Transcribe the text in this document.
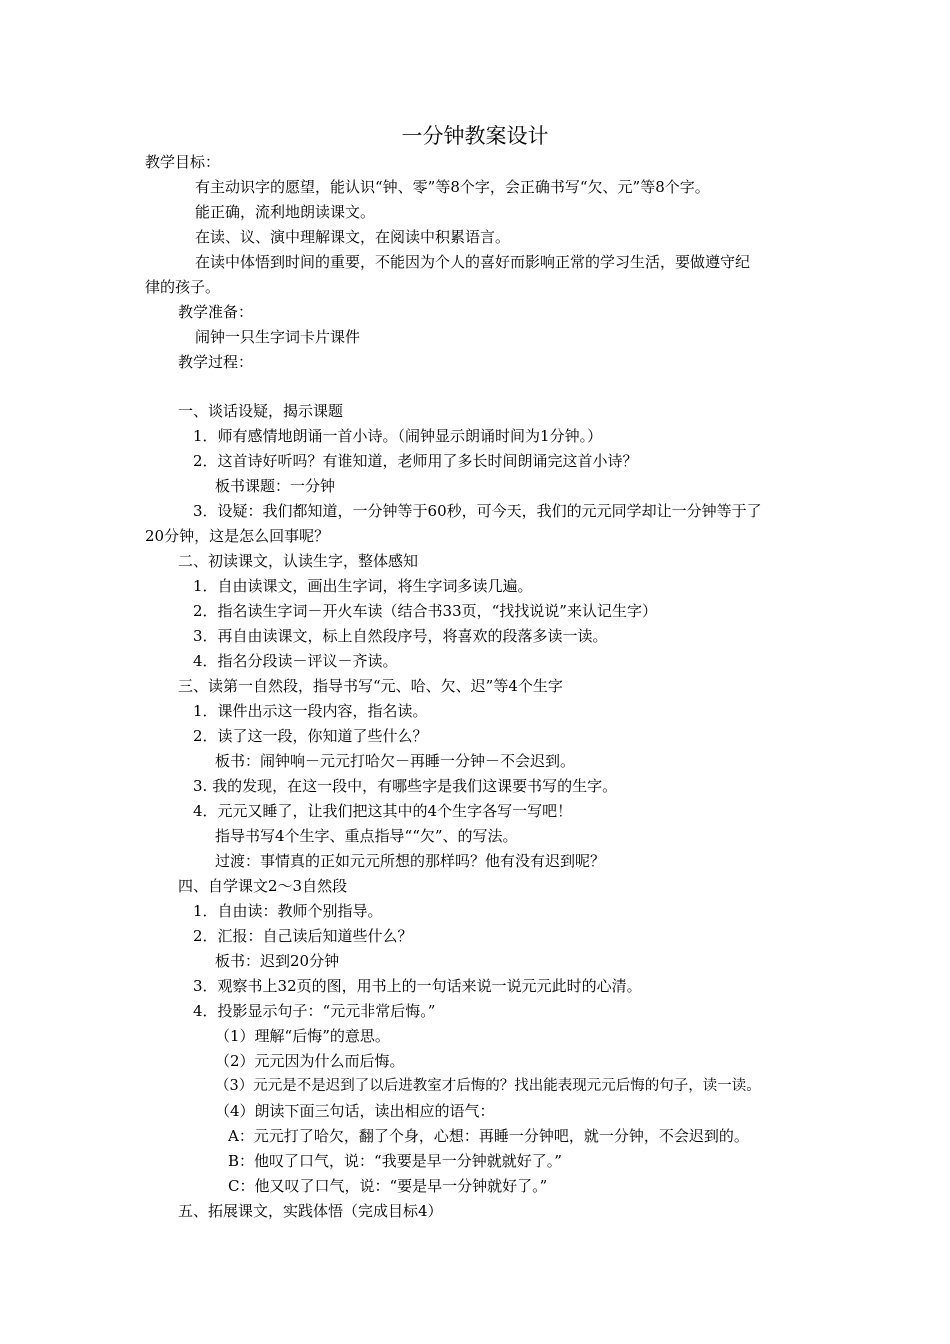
一分钟教案设计
教学目标：
有主动识字的愿望，能认识“钟、零”等8个字，会正确书写“欠、元”等8个字。
能正确，流利地朗读课文。
在读、议、演中理解课文，在阅读中积累语言。
在读中体悟到时间的重要，不能因为个人的喜好而影响正常的学习生活，要做遵守纪
律的孩子。
教学准备：
闹钟一只生字词卡片课件
教学过程：
一、谈话设疑，揭示课题
1．师有感情地朗诵一首小诗。（闹钟显示朗诵时间为1分钟。）
2．这首诗好听吗？有谁知道，老师用了多长时间朗诵完这首小诗？
板书课题：一分钟
3．设疑：我们都知道，一分钟等于60秒，可今天，我们的元元同学却让一分钟等于了
20分钟，这是怎么回事呢？
二、初读课文，认读生字，整体感知
1．自由读课文，画出生字词，将生字词多读几遍。
2．指名读生字词－开火车读（结合书33页，“找找说说”来认记生字）
3．再自由读课文，标上自然段序号，将喜欢的段落多读一读。
4．指名分段读－评议－齐读。
三、读第一自然段，指导书写“元、哈、欠、迟”等4个生字
1．课件出示这一段内容，指名读。
2．读了这一段，你知道了些什么？
板书：闹钟响－元元打哈欠－再睡一分钟－不会迟到。
3. 我的发现，在这一段中，有哪些字是我们这课要书写的生字。
4．元元又睡了，让我们把这其中的4个生字各写一写吧！
指导书写4个生字、重点指导““欠”、的写法。
过渡：事情真的正如元元所想的那样吗？他有没有迟到呢？
四、自学课文2～3自然段
1．自由读：教师个别指导。
2．汇报：自己读后知道些什么？
板书：迟到20分钟
3．观察书上32页的图，用书上的一句话来说一说元元此时的心清。
4．投影显示句子：“元元非常后悔。”
（1）理解“后悔”的意思。
（2）元元因为什么而后悔。
（3）元元是不是迟到了以后进教室才后悔的？找出能表现元元后悔的句子，读一读。
（4）朗读下面三句话，读出相应的语气：
A：元元打了哈欠，翻了个身，心想：再睡一分钟吧，就一分钟，不会迟到的。
B：他叹了口气，说：“我要是早一分钟就就好了。”
C：他又叹了口气，说：“要是早一分钟就好了。”
五、拓展课文，实践体悟（完成目标4）
